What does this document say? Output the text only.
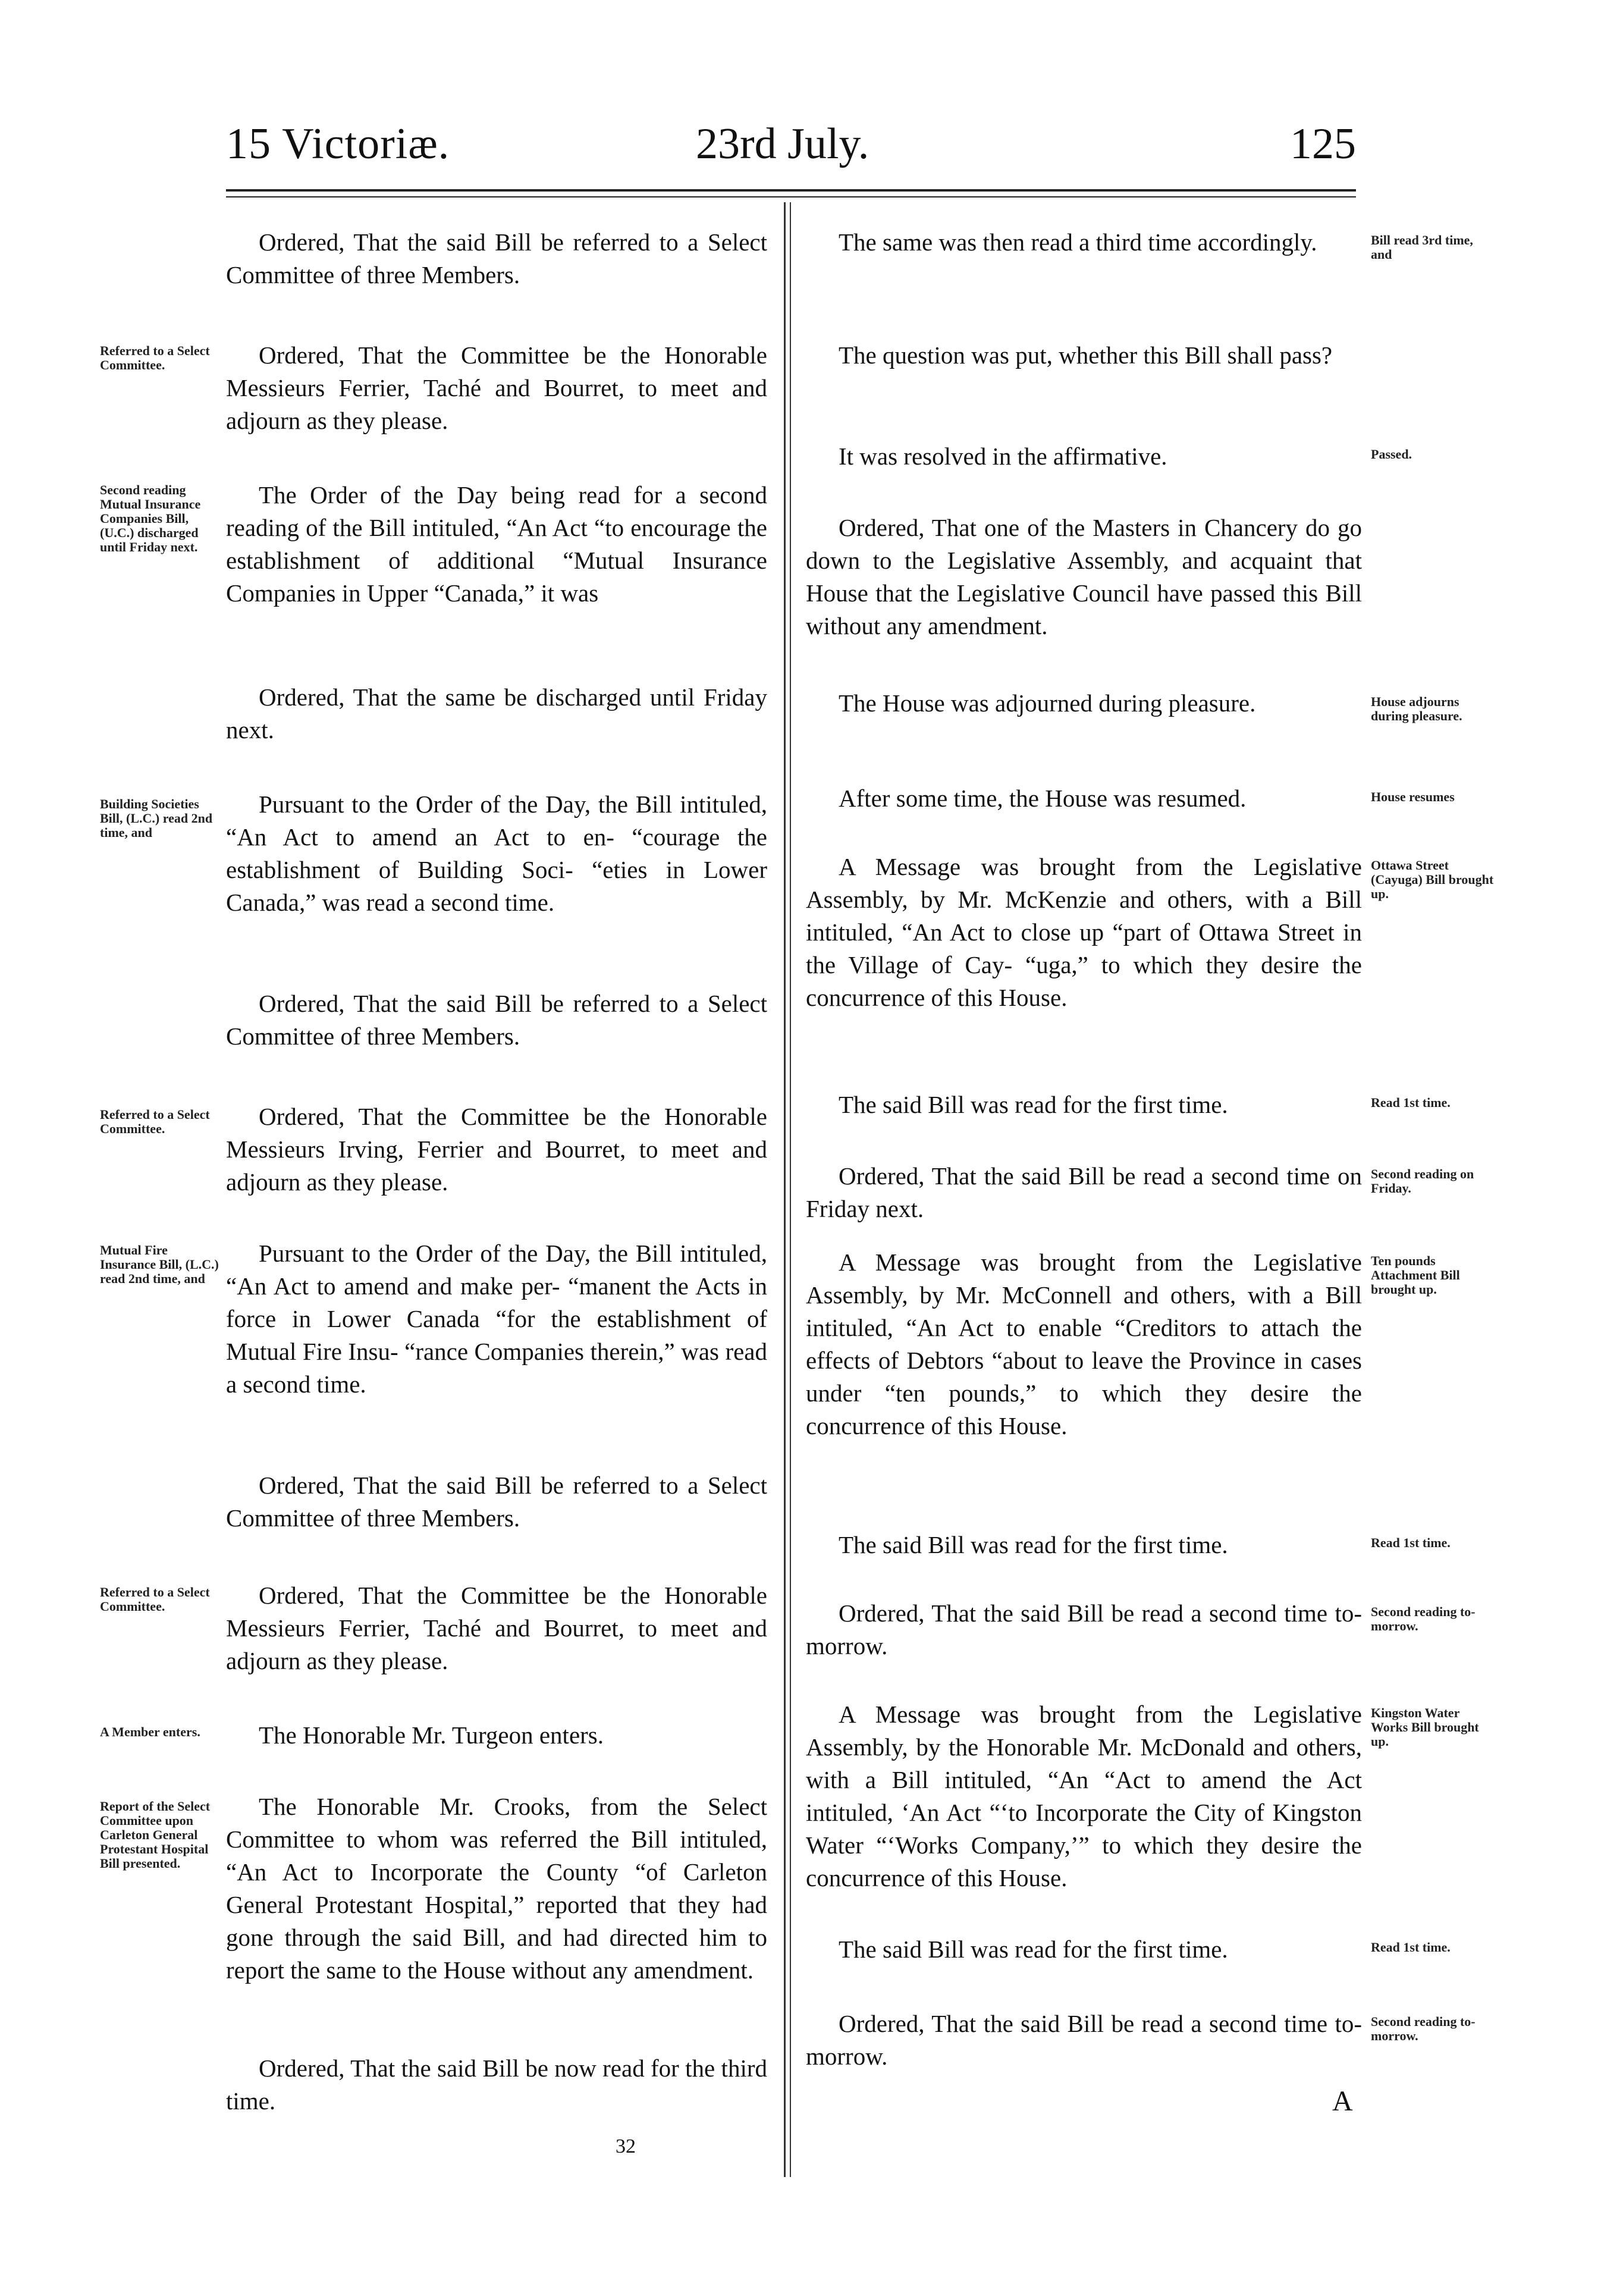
15 Victoriæ.	23rd July.	125

Ordered, That the said Bill be referred to a Select Committee of three Members.

Ordered, That the Committee be the Honorable Messieurs Ferrier, Taché and Bourret, to meet and adjourn as they please.

The Order of the Day being read for a second reading of the Bill intituled, “An Act “to encourage the establishment of additional “Mutual Insurance Companies in Upper “Canada,” it was

Ordered, That the same be discharged until Friday next.

Pursuant to the Order of the Day, the Bill intituled, “An Act to amend an Act to en- “courage the establishment of Building Soci- “eties in Lower Canada,” was read a second time.

Ordered, That the said Bill be referred to a Select Committee of three Members.

Ordered, That the Committee be the Honorable Messieurs Irving, Ferrier and Bourret, to meet and adjourn as they please.

Pursuant to the Order of the Day, the Bill intituled, “An Act to amend and make per- “manent the Acts in force in Lower Canada “for the establishment of Mutual Fire Insu- “rance Companies therein,” was read a second time.

Ordered, That the said Bill be referred to a Select Committee of three Members.

Ordered, That the Committee be the Honorable Messieurs Ferrier, Taché and Bourret, to meet and adjourn as they please.

The Honorable Mr. Turgeon enters.

The Honorable Mr. Crooks, from the Select Committee to whom was referred the Bill intituled, “An Act to Incorporate the County “of Carleton General Protestant Hospital,” reported that they had gone through the said Bill, and had directed him to report the same to the House without any amendment.

Ordered, That the said Bill be now read for the third time.

Referred to a Select Committee.
Second reading Mutual Insurance Companies Bill, (U.C.) discharged until Friday next.
Building Societies Bill, (L.C.) read 2nd time, and
Referred to a Select Committee.
Mutual Fire Insurance Bill, (L.C.) read 2nd time, and
Referred to a Select Committee.
A Member enters.
Report of the Select Committee upon Carleton General Protestant Hospital Bill presented.

The same was then read a third time accordingly.

The question was put, whether this Bill shall pass?

It was resolved in the affirmative.

Ordered, That one of the Masters in Chancery do go down to the Legislative Assembly, and acquaint that House that the Legislative Council have passed this Bill without any amendment.

The House was adjourned during pleasure.

After some time, the House was resumed.

A Message was brought from the Legislative Assembly, by Mr. McKenzie and others, with a Bill intituled, “An Act to close up “part of Ottawa Street in the Village of Cay- “uga,” to which they desire the concurrence of this House.

The said Bill was read for the first time.

Ordered, That the said Bill be read a second time on Friday next.

A Message was brought from the Legislative Assembly, by Mr. McConnell and others, with a Bill intituled, “An Act to enable “Creditors to attach the effects of Debtors “about to leave the Province in cases under “ten pounds,” to which they desire the concurrence of this House.

The said Bill was read for the first time.

Ordered, That the said Bill be read a second time to-morrow.

A Message was brought from the Legislative Assembly, by the Honorable Mr. McDonald and others, with a Bill intituled, “An “Act to amend the Act intituled, ‘An Act “‘to Incorporate the City of Kingston Water “‘Works Company,’” to which they desire the concurrence of this House.

The said Bill was read for the first time.

Ordered, That the said Bill be read a second time to-morrow.

Bill read 3rd time, and
Passed.
House adjourns during pleasure.
House resumes
Ottawa Street (Cayuga) Bill brought up.
Read 1st time.
Second reading on Friday.
Ten pounds Attachment Bill brought up.
Read 1st time.
Second reading to-morrow.
Kingston Water Works Bill brought up.
Read 1st time.
Second reading to-morrow.
32
A
